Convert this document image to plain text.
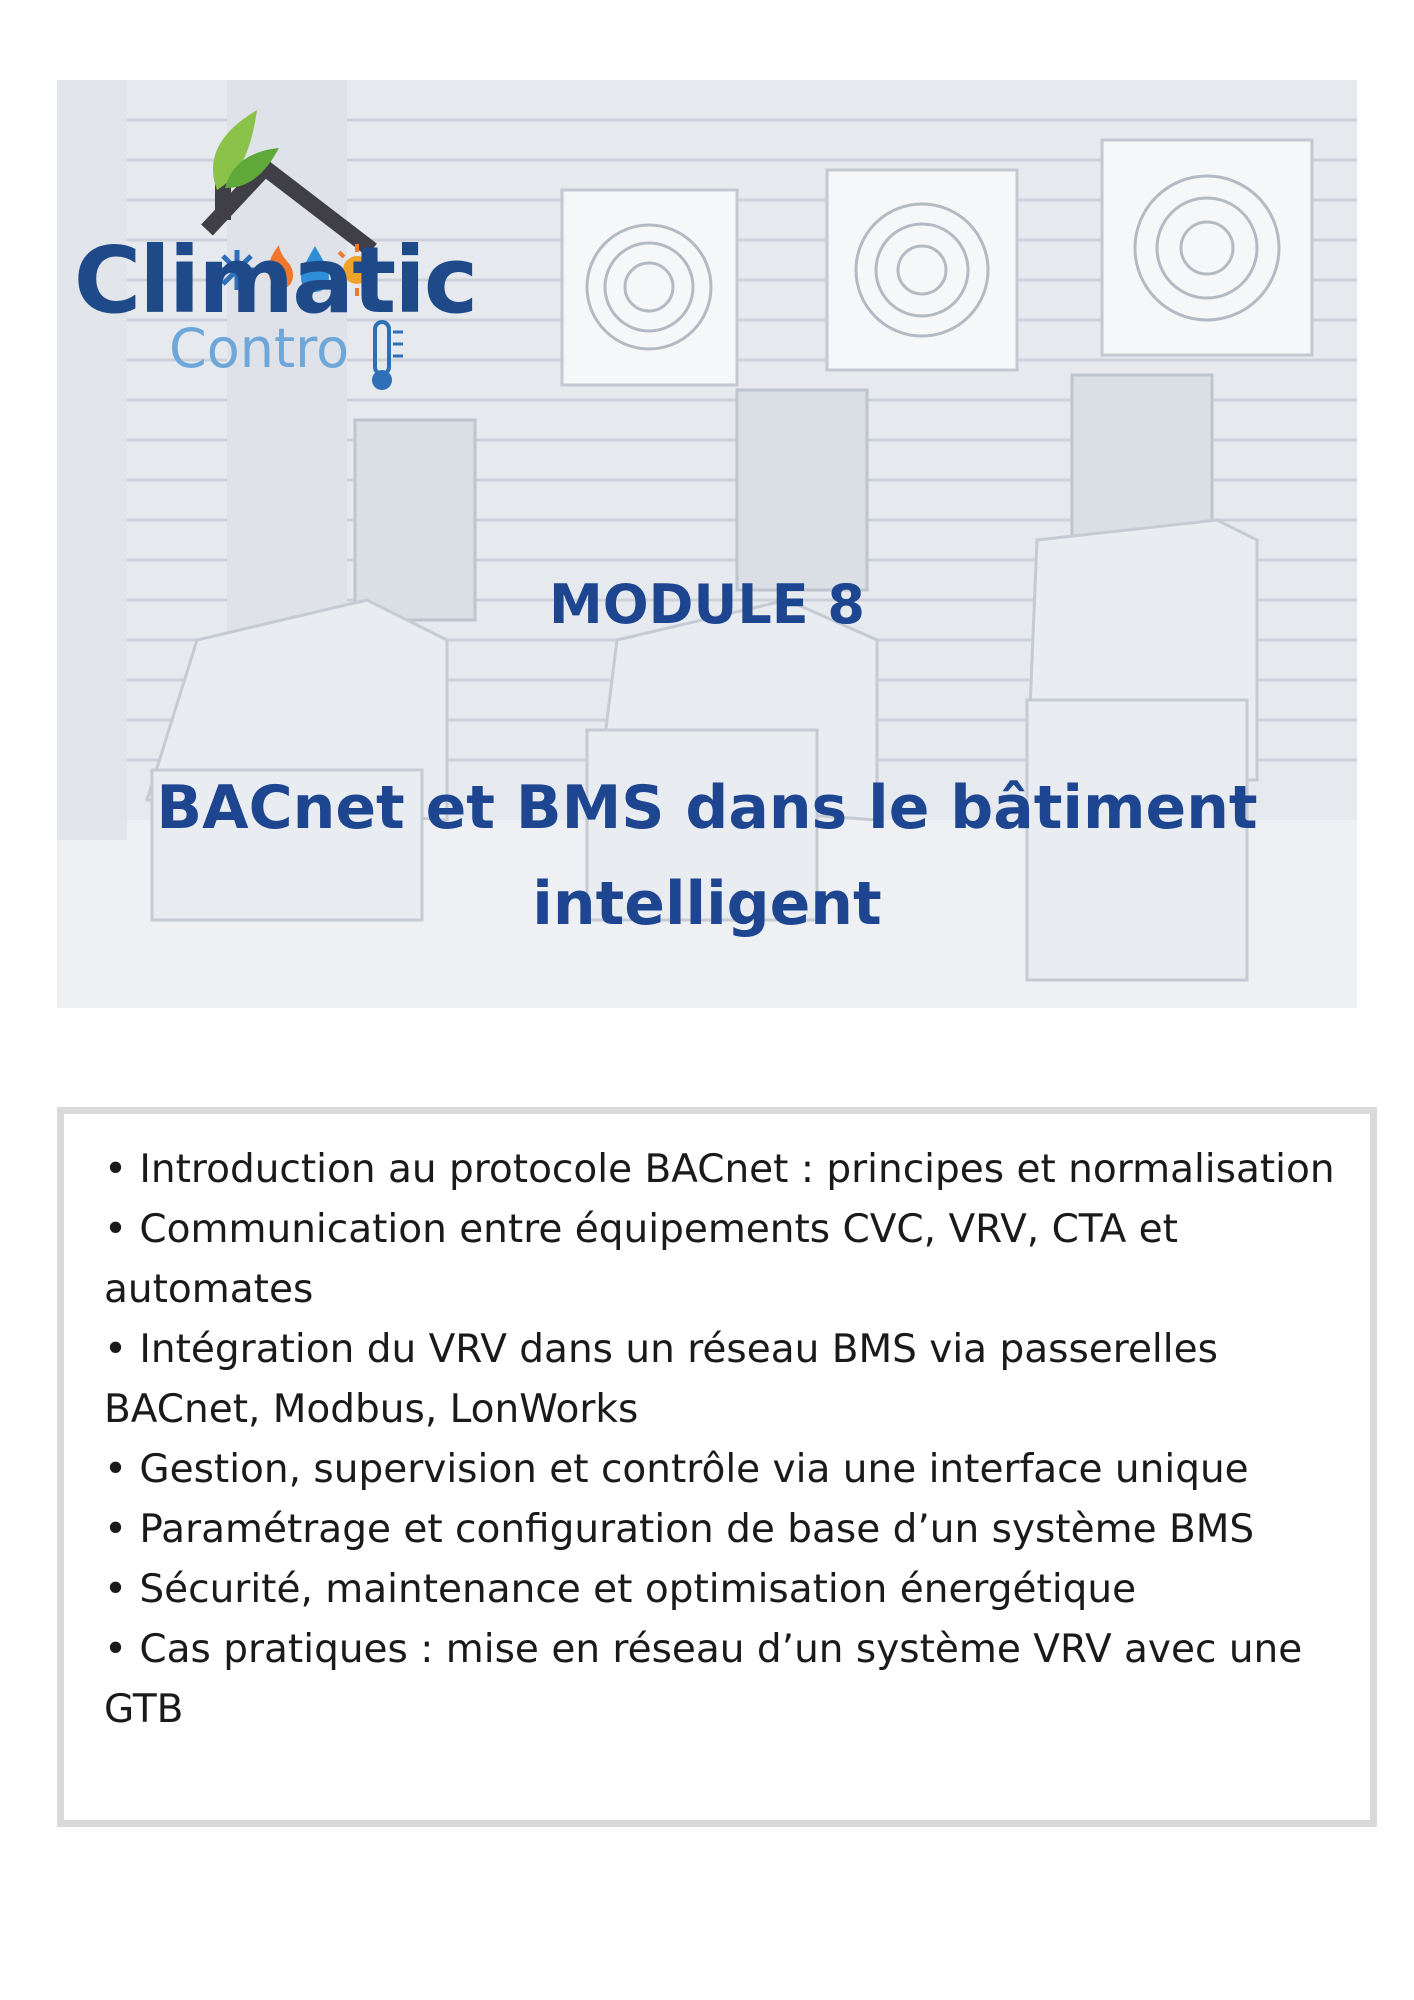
Climatic
Contro
MODULE 8
BACnet et BMS dans le bâtiment
intelligent
• Introduction au protocole BACnet : principes et normalisation
• Communication entre équipements CVC, VRV, CTA et automates
• Intégration du VRV dans un réseau BMS via passerelles BACnet, Modbus, LonWorks
• Gestion, supervision et contrôle via une interface unique
• Paramétrage et configuration de base d’un système BMS
• Sécurité, maintenance et optimisation énergétique
• Cas pratiques : mise en réseau d’un système VRV avec une GTB
